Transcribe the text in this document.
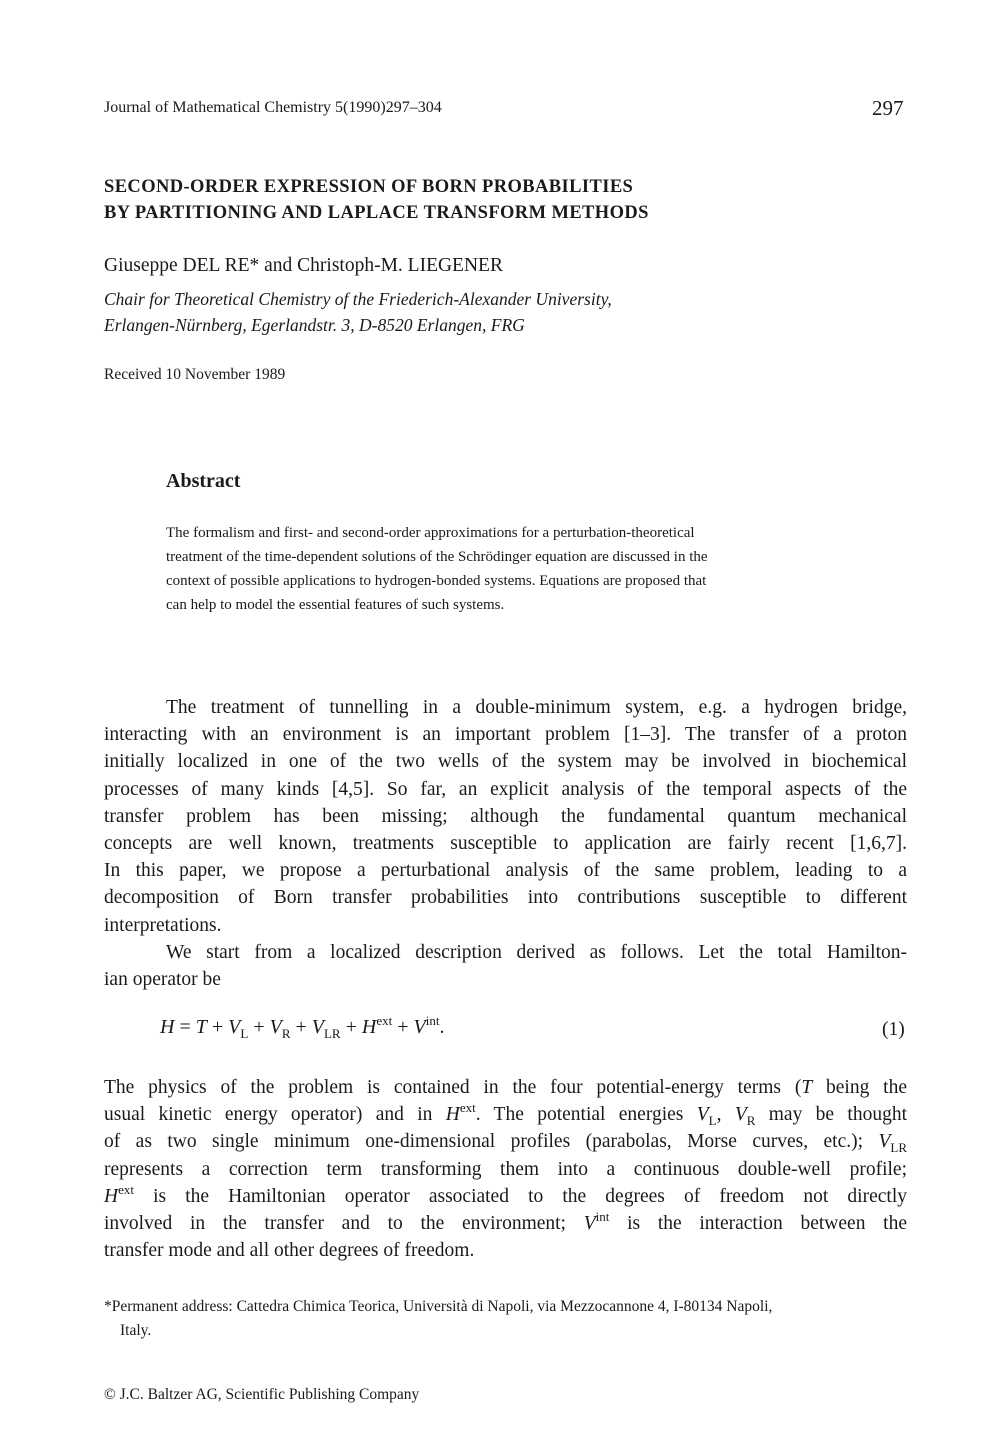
Journal of Mathematical Chemistry 5(1990)297–304	297
SECOND-ORDER EXPRESSION OF BORN PROBABILITIES
BY PARTITIONING AND LAPLACE TRANSFORM METHODS
Giuseppe DEL RE* and Christoph-M. LIEGENER
Chair for Theoretical Chemistry of the Friederich-Alexander University,
Erlangen-Nürnberg, Egerlandstr. 3, D-8520 Erlangen, FRG
Received 10 November 1989
Abstract
The formalism and first- and second-order approximations for a perturbation-theoretical
treatment of the time-dependent solutions of the Schrödinger equation are discussed in the
context of possible applications to hydrogen-bonded systems. Equations are proposed that
can help to model the essential features of such systems.
The treatment of tunnelling in a double-minimum system, e.g. a hydrogen bridge,
interacting with an environment is an important problem [1–3]. The transfer of a proton
initially localized in one of the two wells of the system may be involved in biochemical
processes of many kinds [4,5]. So far, an explicit analysis of the temporal aspects of the
transfer problem has been missing; although the fundamental quantum mechanical
concepts are well known, treatments susceptible to application are fairly recent [1,6,7].
In this paper, we propose a perturbational analysis of the same problem, leading to a
decomposition of Born transfer probabilities into contributions susceptible to different
interpretations.
We start from a localized description derived as follows. Let the total Hamilton-
ian operator be
$H = T + V_L + V_R + V_{LR} + H^{ext} + V^{int}$.	(1)
The physics of the problem is contained in the four potential-energy terms (T being the
usual kinetic energy operator) and in $H^{ext}$. The potential energies $V_L$, $V_R$ may be thought
of as two single minimum one-dimensional profiles (parabolas, Morse curves, etc.); $V_{LR}$
represents a correction term transforming them into a continuous double-well profile;
$H^{ext}$ is the Hamiltonian operator associated to the degrees of freedom not directly
involved in the transfer and to the environment; $V^{int}$ is the interaction between the
transfer mode and all other degrees of freedom.
*Permanent address: Cattedra Chimica Teorica, Università di Napoli, via Mezzocannone 4, I-80134 Napoli,
Italy.
© J.C. Baltzer AG, Scientific Publishing Company
